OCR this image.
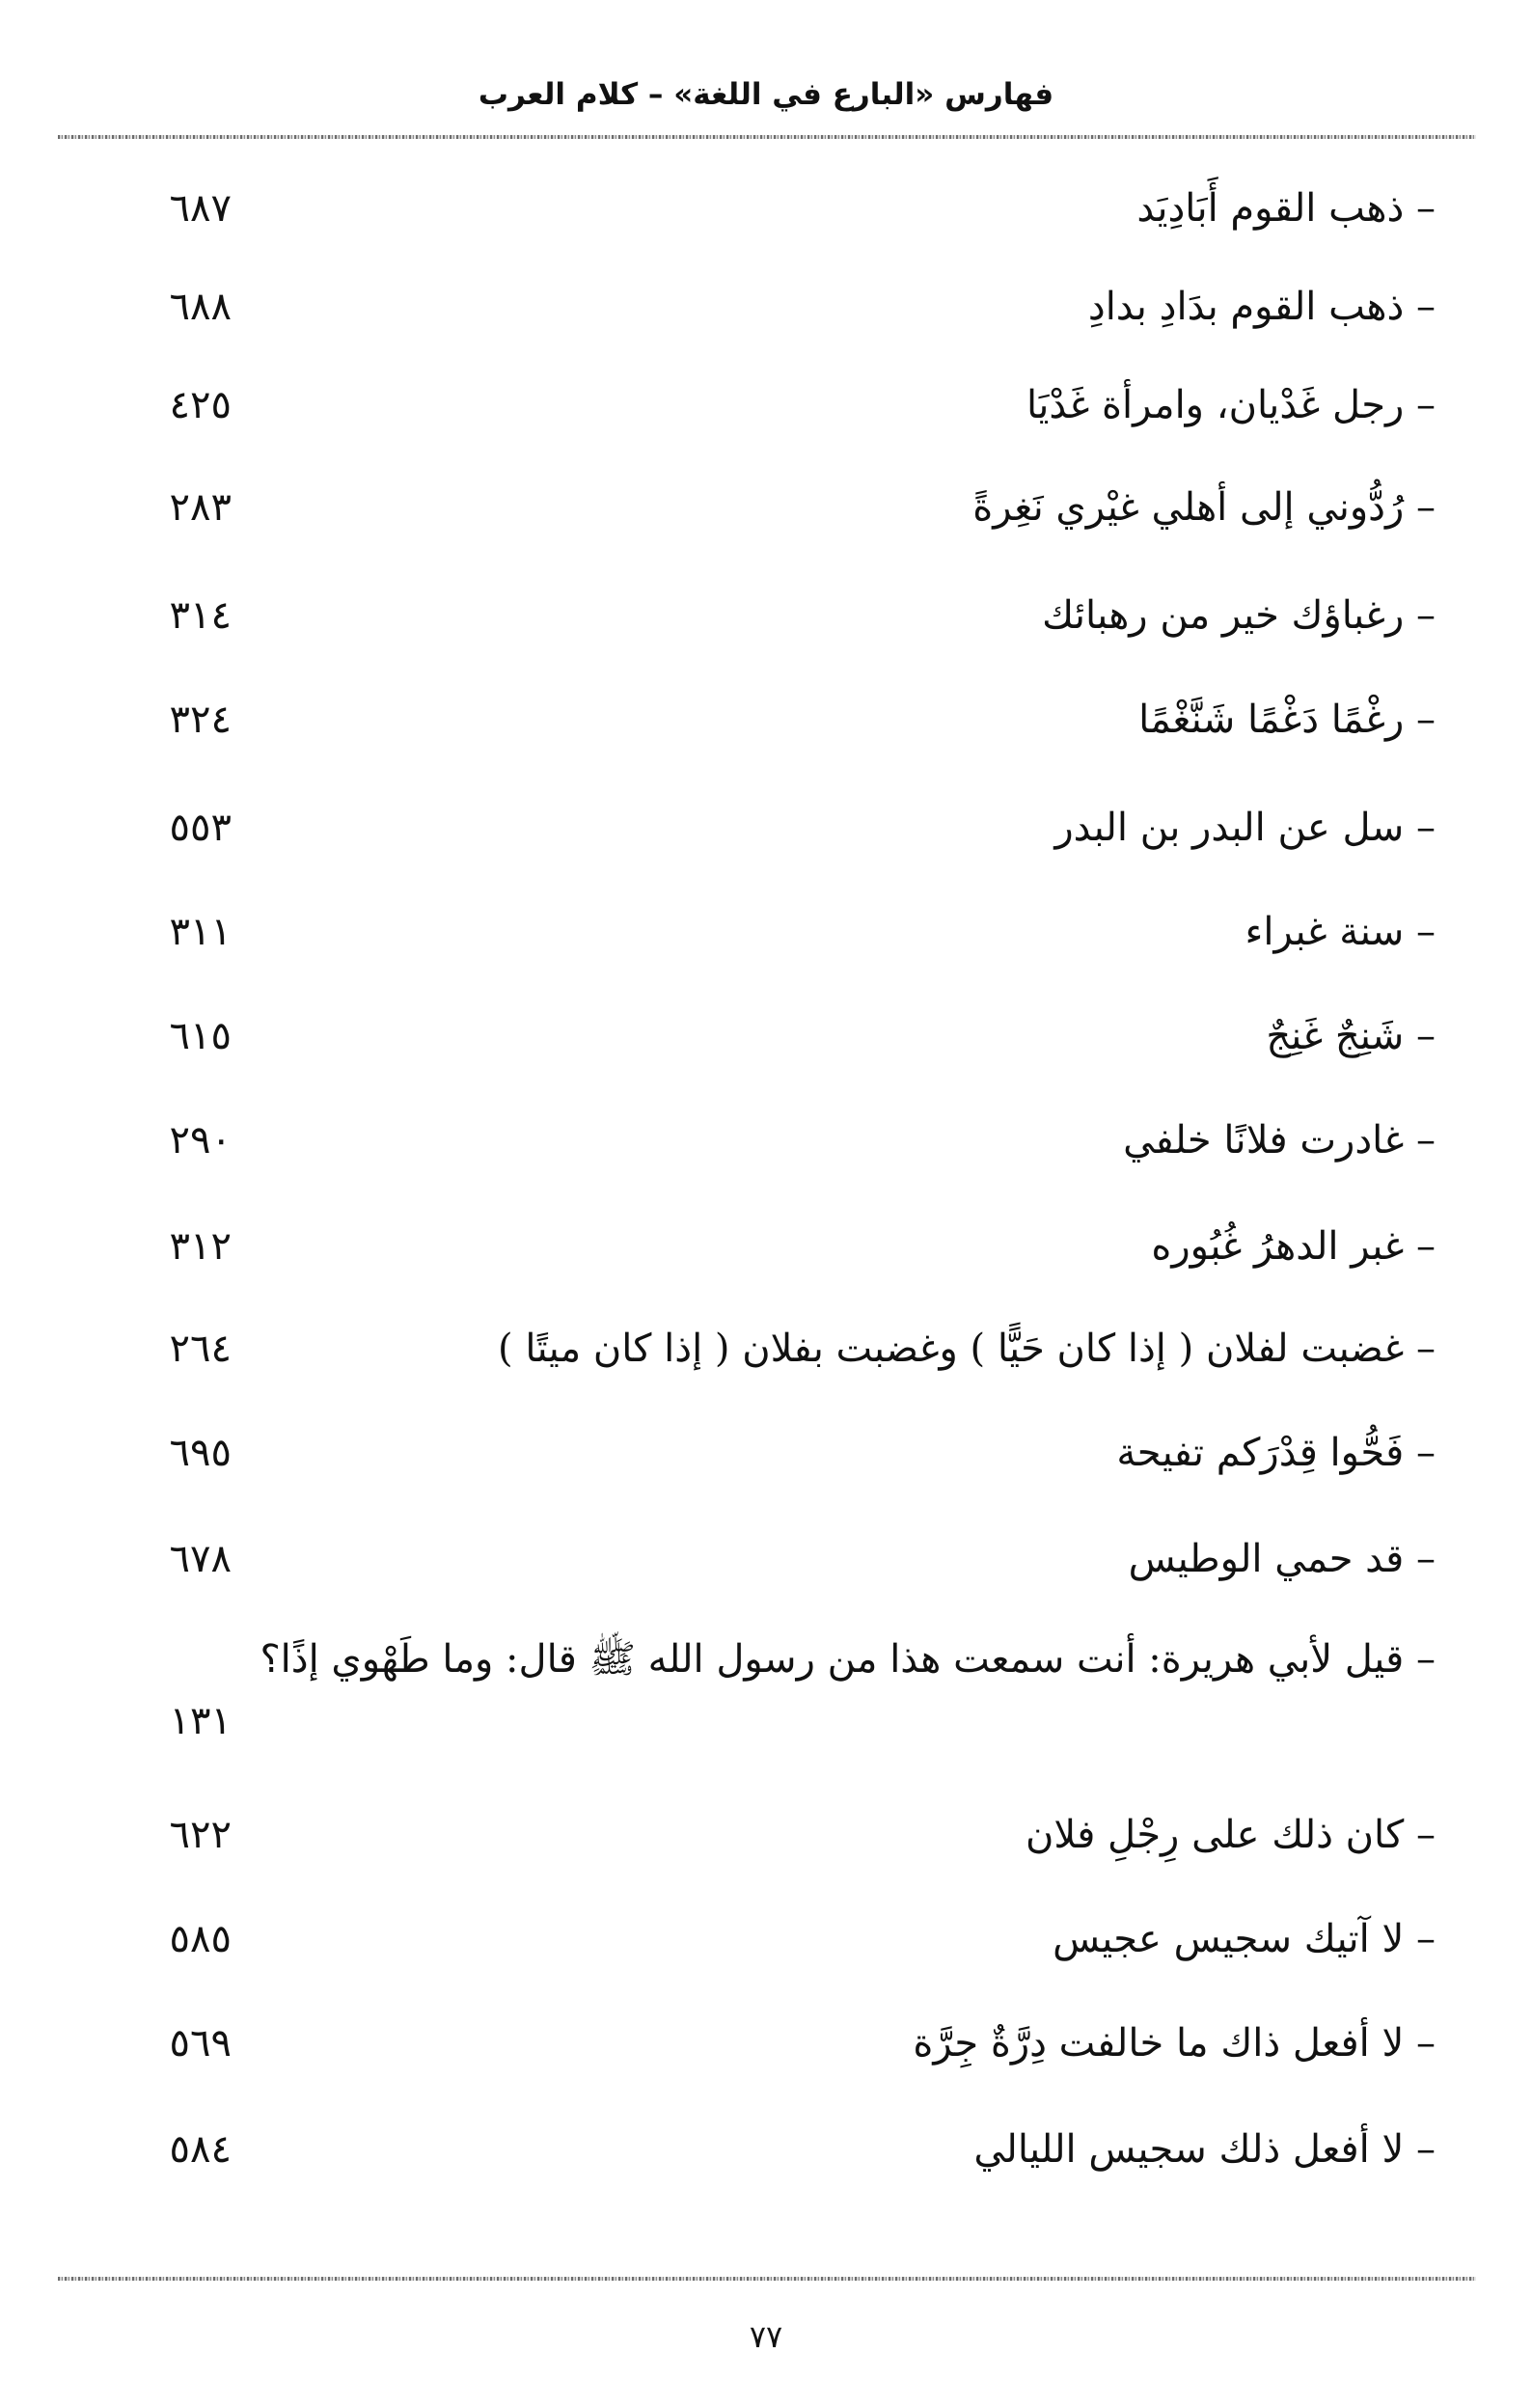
فهارس «البارع في اللغة» – كلام العرب
– ذهب القوم أَبَادِيَد
٦٨٧
– ذهب القوم بدَادِ بدادِ
٦٨٨
– رجل غَدْيان، وامرأة غَدْيَا
٤٢٥
– رُدُّوني إلى أهلي غيْري نَغِرةً
٢٨٣
– رغباؤك خير من رهبائك
٣١٤
– رغْمًا دَغْمًا شَنَّغْمًا
٣٢٤
– سل عن البدر بن البدر
٥٥٣
– سنة غبراء
٣١١
– شَنِجٌ غَنِجٌ
٦١٥
– غادرت فلانًا خلفي
٢٩٠
– غبر الدهرُ غُبُوره
٣١٢
– غضبت لفلان ( إذا كان حَيًّا ) وغضبت بفلان ( إذا كان ميتًا )
٢٦٤
– فَحُّوا قِدْرَكم تفيحة
٦٩٥
– قد حمي الوطيس
٦٧٨
– قيل لأبي هريرة: أنت سمعت هذا من رسول الله ﷺ قال: وما طَهْوي إذًا؟
١٣١
– كان ذلك على رِجْلِ فلان
٦٢٢
– لا آتيك سجيس عجيس
٥٨٥
– لا أفعل ذاك ما خالفت دِرَّةٌ جِرَّة
٥٦٩
– لا أفعل ذلك سجيس الليالي
٥٨٤
٧٧
